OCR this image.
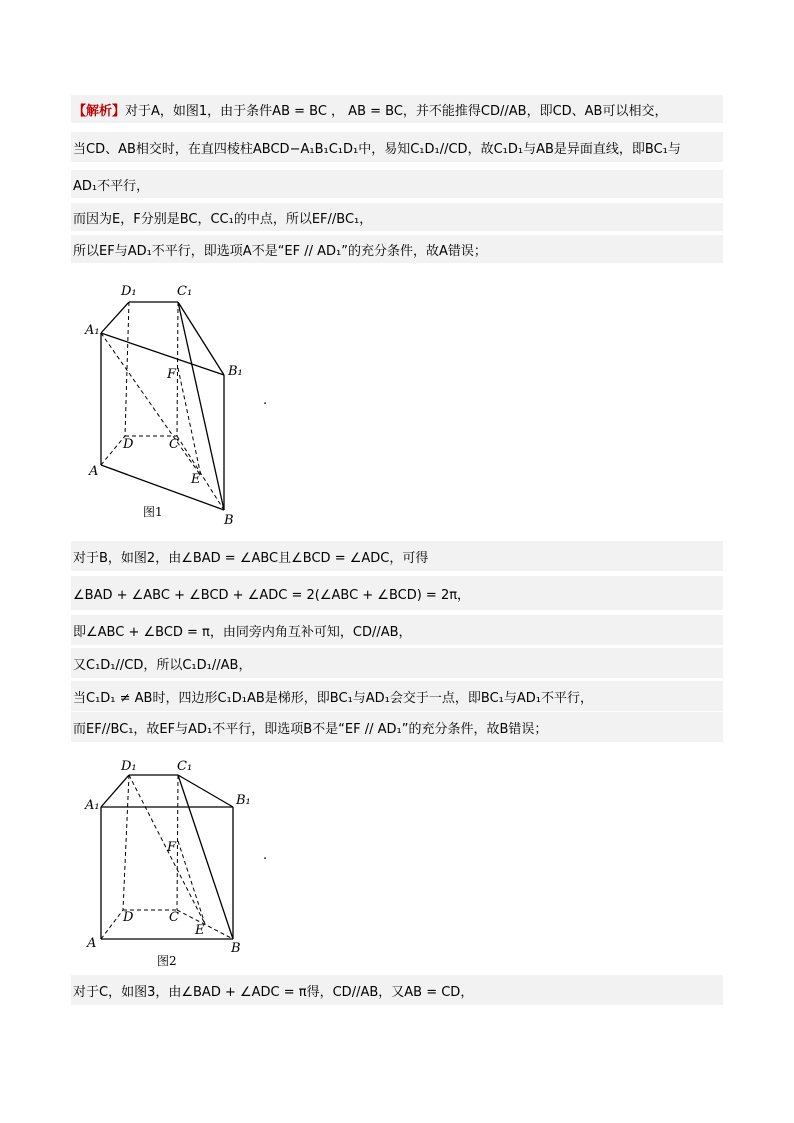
【解析】对于A，如图1，由于条件AB = BC ， AB = BC，并不能推得CD//AB，即CD、AB可以相交，
当CD、AB相交时，在直四棱柱ABCD−A₁B₁C₁D₁中，易知C₁D₁//CD，故C₁D₁与AB是异面直线，即BC₁与
AD₁不平行，
而因为E，F分别是BC，CC₁的中点，所以EF//BC₁，
所以EF与AD₁不平行，即选项A不是“EF // AD₁”的充分条件，故A错误；
D₁	C₁
A₁
B₁
F
D	C
A
E
B
图1
.
对于B，如图2，由∠BAD = ∠ABC且∠BCD = ∠ADC，可得
∠BAD + ∠ABC + ∠BCD + ∠ADC = 2(∠ABC + ∠BCD) = 2π，
即∠ABC + ∠BCD = π，由同旁内角互补可知，CD//AB，
又C₁D₁//CD，所以C₁D₁//AB，
当C₁D₁ ≠ AB时，四边形C₁D₁AB是梯形，即BC₁与AD₁会交于一点，即BC₁与AD₁不平行，
而EF//BC₁，故EF与AD₁不平行，即选项B不是“EF // AD₁”的充分条件，故B错误；
D₁	C₁
A₁	B₁
F
D	C
A
E
B
图2
.
对于C，如图3，由∠BAD + ∠ADC = π得，CD//AB，又AB = CD，
